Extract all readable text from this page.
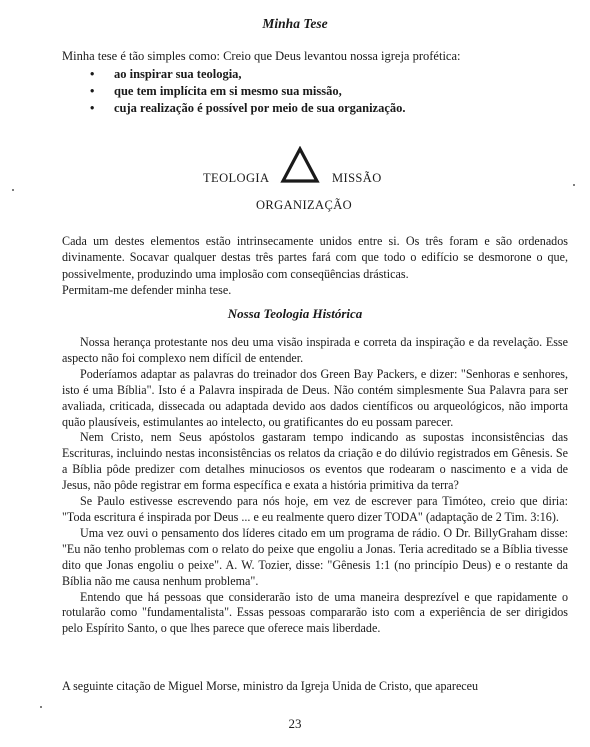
Minha Tese

Minha tese é tão simples como: Creio que Deus levantou nossa igreja profética:

• ao inspirar sua teologia,
• que tem implícita em si mesmo sua missão,
• cuja realização é possível por meio de sua organização.
TEOLOGIA	MISSÃO
ORGANIZAÇÃO

Cada um destes elementos estão intrinsecamente unidos entre si. Os três foram e são ordenados divinamente. Socavar qualquer destas três partes fará com que todo o edifício se desmorone o que, possivelmente, produzindo uma implosão com conseqüências drásticas.

Permitam-me defender minha tese.

Nossa Teologia Histórica

Nossa herança protestante nos deu uma visão inspirada e correta da inspiração e da revelação. Esse aspecto não foi complexo nem difícil de entender.

Poderíamos adaptar as palavras do treinador dos Green Bay Packers, e dizer: "Senhoras e senhores, isto é uma Bíblia". Isto é a Palavra inspirada de Deus. Não contém simplesmente Sua Palavra para ser avaliada, criticada, dissecada ou adaptada devido aos dados científicos ou arqueológicos, não importa quão plausíveis, estimulantes ao intelecto, ou gratificantes do eu possam parecer.

Nem Cristo, nem Seus apóstolos gastaram tempo indicando as supostas inconsistências das Escrituras, incluindo nestas inconsistências os relatos da criação e do dilúvio registrados em Gênesis. Se a Bíblia pôde predizer com detalhes minuciosos os eventos que rodearam o nascimento e a vida de Jesus, não pôde registrar em forma específica e exata a história primitiva da terra?

Se Paulo estivesse escrevendo para nós hoje, em vez de escrever para Timóteo, creio que diria: "Toda escritura é inspirada por Deus ... e eu realmente quero dizer TODA" (adaptação de 2 Tim. 3:16).

Uma vez ouvi o pensamento dos líderes citado em um programa de rádio. O Dr. BillyGraham disse: "Eu não tenho problemas com o relato do peixe que engoliu a Jonas. Teria acreditado se a Bíblia tivesse dito que Jonas engoliu o peixe". A. W. Tozier, disse: "Gênesis 1:1 (no princípio Deus) e o restante da Bíblia não me causa nenhum problema".

Entendo que há pessoas que considerarão isto de uma maneira desprezível e que rapidamente o rotularão como "fundamentalista". Essas pessoas compararão isto com a experiência de ser dirigidos pelo Espírito Santo, o que lhes parece que oferece mais liberdade.

A seguinte citação de Miguel Morse, ministro da Igreja Unida de Cristo, que apareceu

23
